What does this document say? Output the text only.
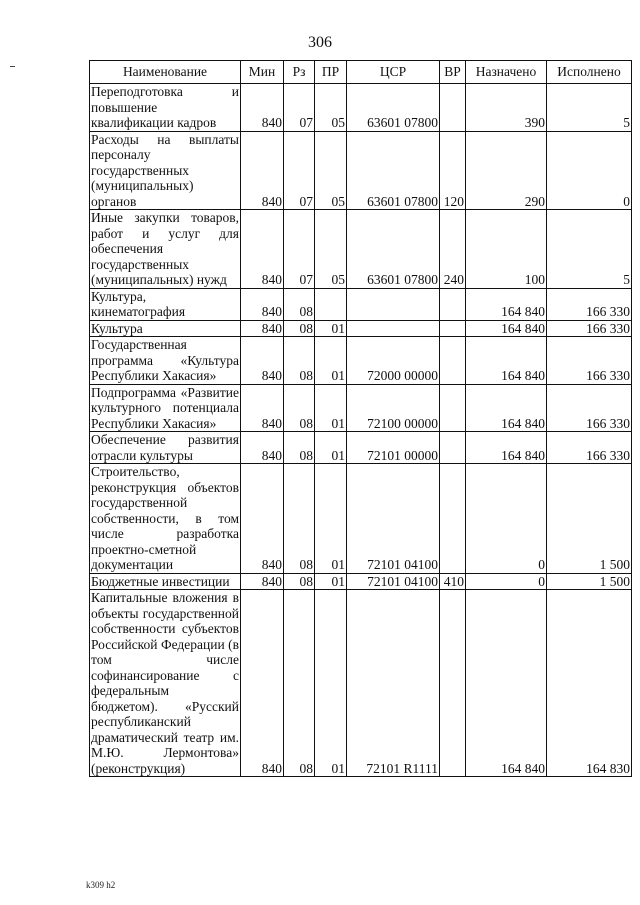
306
Наименование	Мин	Рз	ПР	ЦСР	ВР	Назначено	Исполнено
Переподготовка и повышение квалификации кадров	840	07	05	63601 07800		390	5
Расходы на выплаты персоналу государственных (муниципальных) органов	840	07	05	63601 07800	120	290	0
Иные закупки товаров, работ и услуг для обеспечения государственных (муниципальных) нужд	840	07	05	63601 07800	240	100	5
Культура, кинематография	840	08				164 840	166 330
Культура	840	08	01			164 840	166 330
Государственная программа «Культура Республики Хакасия»	840	08	01	72000 00000		164 840	166 330
Подпрограмма «Развитие культурного потенциала Республики Хакасия»	840	08	01	72100 00000		164 840	166 330
Обеспечение развития отрасли культуры	840	08	01	72101 00000		164 840	166 330
Строительство, реконструкция объектов государственной собственности, в том числе разработка проектно-сметной документации	840	08	01	72101 04100		0	1 500
Бюджетные инвестиции	840	08	01	72101 04100	410	0	1 500
Капитальные вложения в объекты государственной собственности субъектов Российской Федерации (в том числе софинансирование с федеральным бюджетом). «Русский республиканский драматический театр им. М.Ю. Лермонтова» (реконструкция)	840	08	01	72101 R1111		164 840	164 830
k309 h2
